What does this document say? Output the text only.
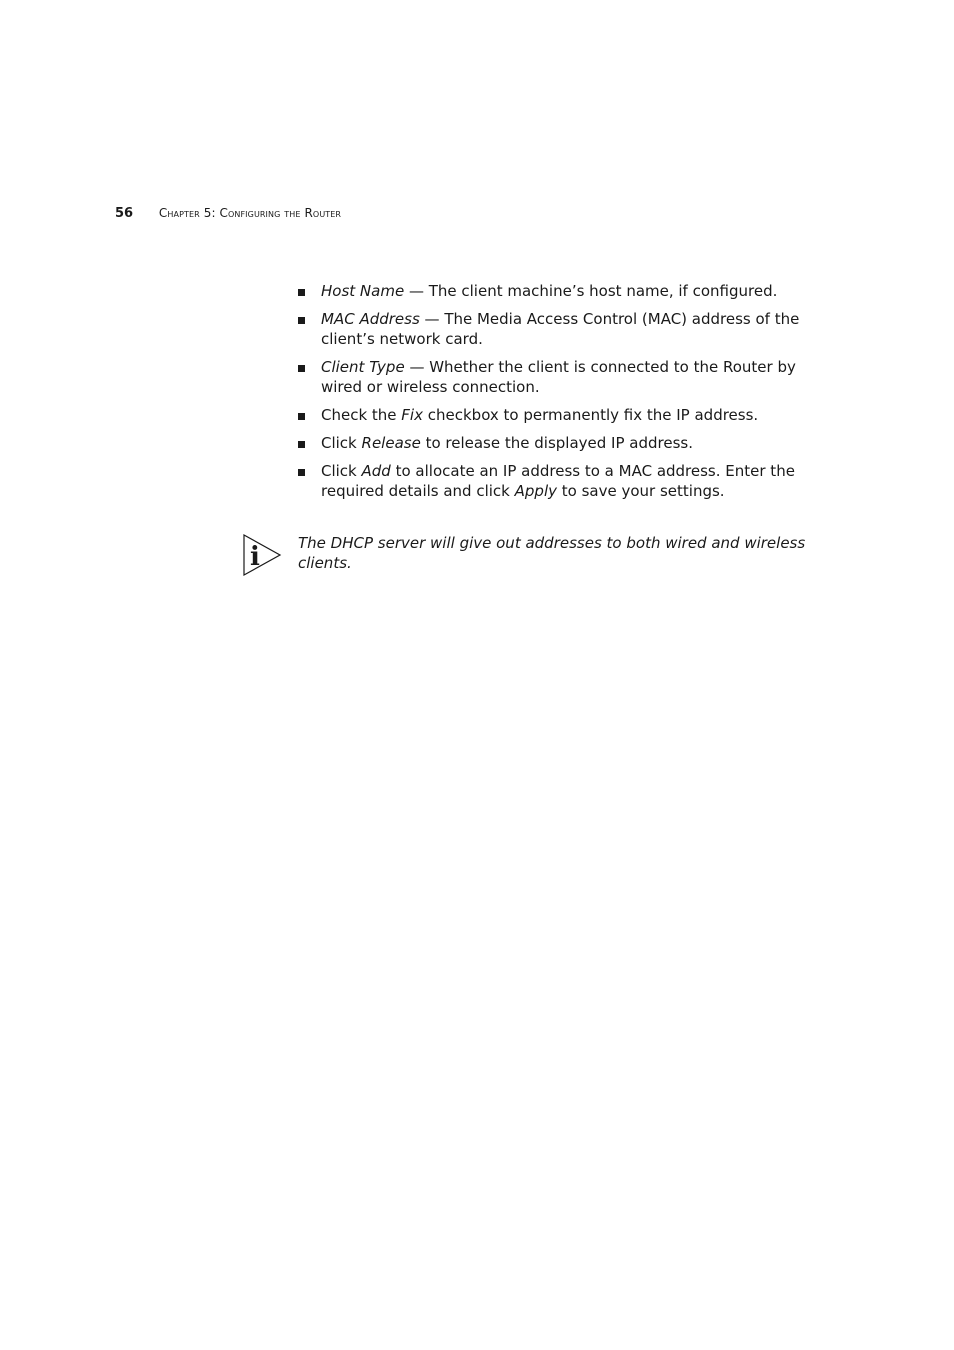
56 Chapter 5: Configuring the Router
Host Name — The client machine’s host name, if configured.
MAC Address — The Media Access Control (MAC) address of the client’s network card.
Client Type — Whether the client is connected to the Router by wired or wireless connection.
Check the Fix checkbox to permanently fix the IP address.
Click Release to release the displayed IP address.
Click Add to allocate an IP address to a MAC address. Enter the required details and click Apply to save your settings.
i	The DHCP server will give out addresses to both wired and wireless clients.
